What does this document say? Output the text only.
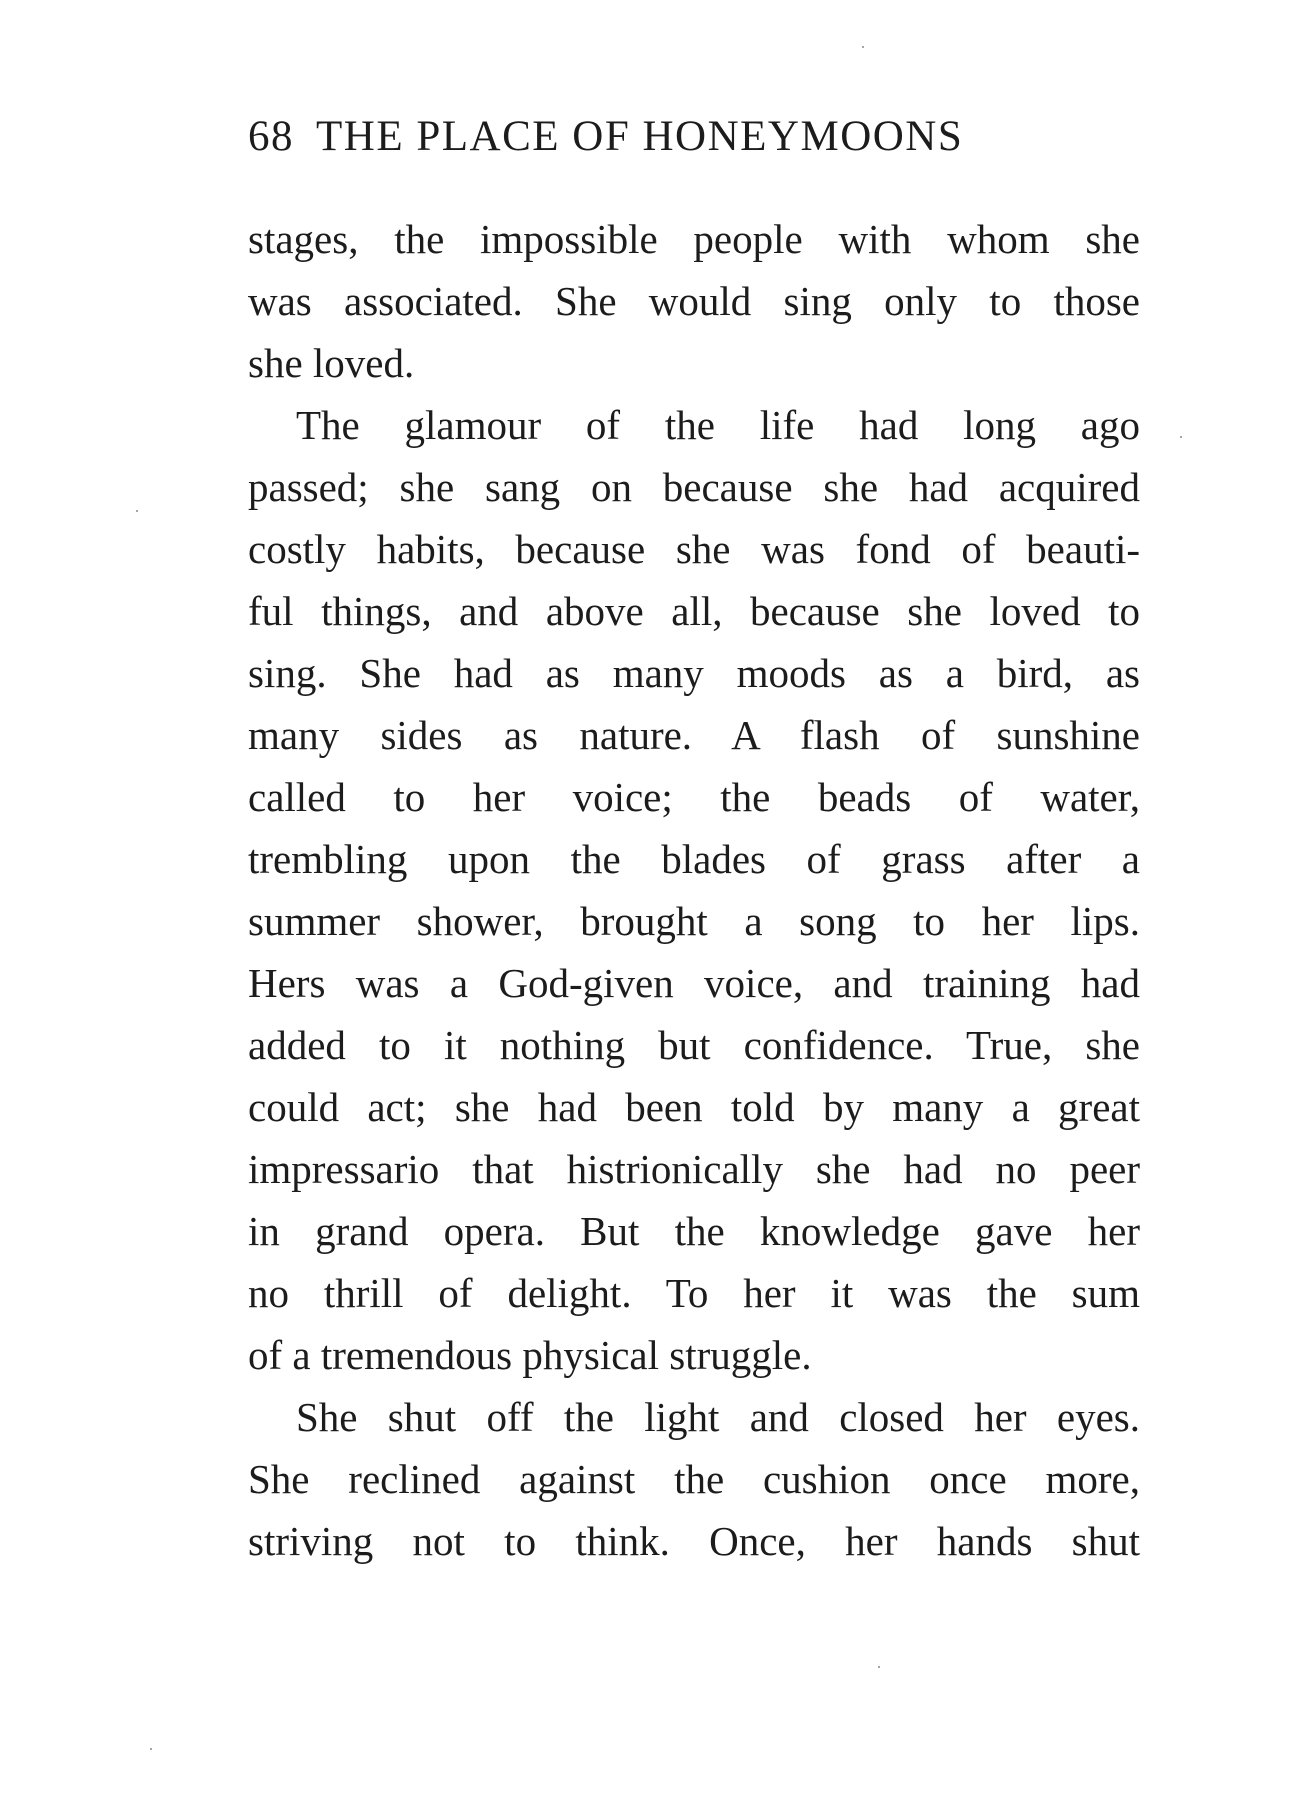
68 THE PLACE OF HONEYMOONS
stages, the impossible people with whom she
was associated. She would sing only to those
she loved.
The glamour of the life had long ago
passed; she sang on because she had acquired
costly habits, because she was fond of beauti-
ful things, and above all, because she loved to
sing. She had as many moods as a bird, as
many sides as nature. A flash of sunshine
called to her voice; the beads of water,
trembling upon the blades of grass after a
summer shower, brought a song to her lips.
Hers was a God-given voice, and training had
added to it nothing but confidence. True, she
could act; she had been told by many a great
impressario that histrionically she had no peer
in grand opera. But the knowledge gave her
no thrill of delight. To her it was the sum
of a tremendous physical struggle.
She shut off the light and closed her eyes.
She reclined against the cushion once more,
striving not to think. Once, her hands shut
